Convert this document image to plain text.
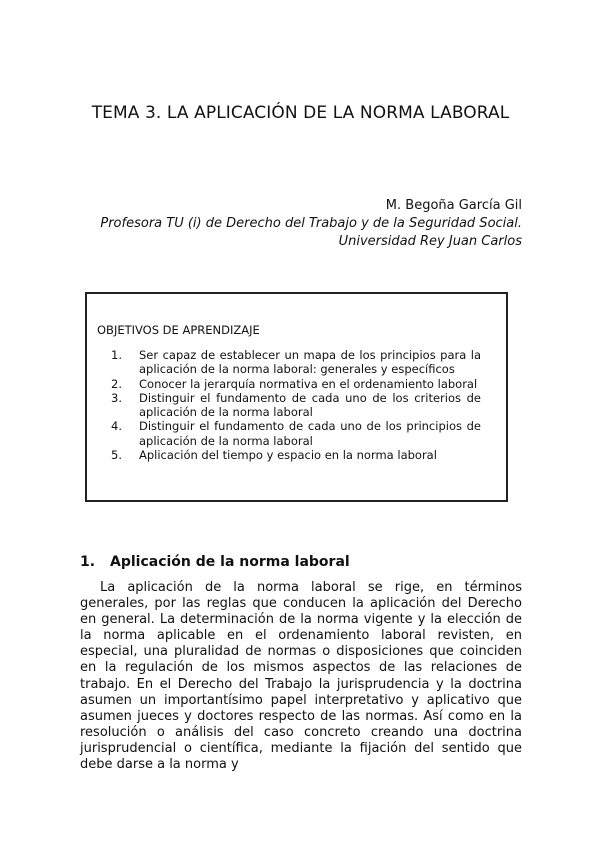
TEMA 3. LA APLICACIÓN DE LA NORMA LABORAL
M. Begoña García Gil
Profesora TU (i) de Derecho del Trabajo y de la Seguridad Social.
Universidad Rey Juan Carlos
OBJETIVOS DE APRENDIZAJE
1. Ser capaz de establecer un mapa de los principios para la aplicación de la norma laboral: generales y específicos
2. Conocer la jerarquía normativa en el ordenamiento laboral
3. Distinguir el fundamento de cada uno de los criterios de aplicación de la norma laboral
4. Distinguir el fundamento de cada uno de los principios de aplicación de la norma laboral
5. Aplicación del tiempo y espacio en la norma laboral
1. Aplicación de la norma laboral

La aplicación de la norma laboral se rige, en términos generales, por las reglas que conducen la aplicación del Derecho en general. La determinación de la norma vigente y la elección de la norma aplicable en el ordenamiento laboral revisten, en especial, una pluralidad de normas o disposiciones que coinciden en la regulación de los mismos aspectos de las relaciones de trabajo. En el Derecho del Trabajo la jurisprudencia y la doctrina asumen un importantísimo papel interpretativo y aplicativo que asumen jueces y doctores respecto de las normas. Así como en la resolución o análisis del caso concreto creando una doctrina jurisprudencial o científica, mediante la fijación del sentido que debe darse a la norma y
